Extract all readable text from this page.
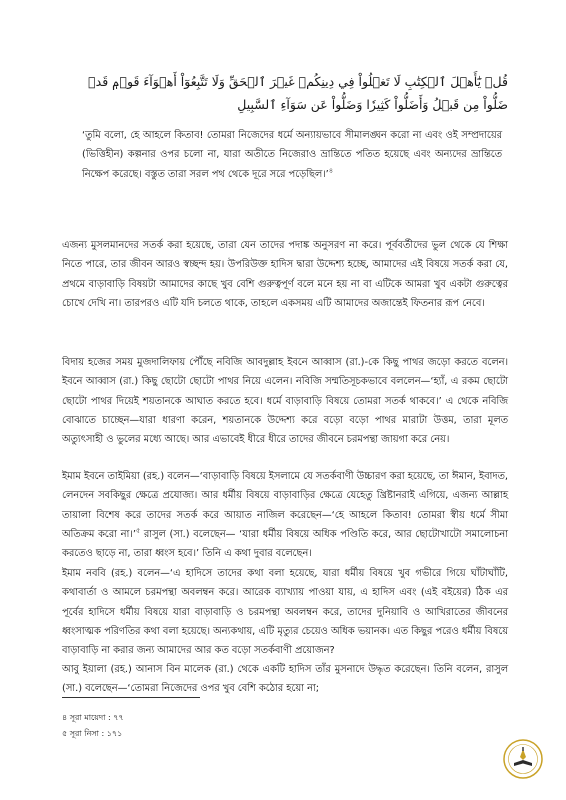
قُلۡ يَٰٓأَهۡلَ ٱلۡكِتَٰبِ لَا تَغۡلُواْ فِي دِينِكُمۡ غَيۡرَ ٱلۡحَقِّ وَلَا تَتَّبِعُوٓاْ أَهۡوَآءَ قَوۡمٖ قَدۡ ضَلُّواْ مِن قَبۡلُ وَأَضَلُّواْ كَثِيرٗا وَضَلُّواْ عَن سَوَآءِ ٱلسَّبِيلِ
‘তুমি বলো, হে আহলে কিতাব! তোমরা নিজেদের ধর্মে অন্যায়ভাবে সীমালঙ্ঘন করো না এবং ওই সম্প্রদায়ের (ভিত্তিহীন) কল্পনার ওপর চলো না, যারা অতীতে নিজেরাও ভ্রান্তিতে পতিত হয়েছে এবং অন্যদের ভ্রান্তিতে নিক্ষেপ করেছে। বস্তুত তারা সরল পথ থেকে দূরে সরে পড়েছিল।’$^৪$

এজন্য মুসলমানদের সতর্ক করা হয়েছে, তারা যেন তাদের পদাঙ্ক অনুসরণ না করে। পূর্ববর্তীদের ভুল থেকে যে শিক্ষা নিতে পারে, তার জীবন আরও স্বচ্ছন্দ হয়। উপরিউক্ত হাদিস দ্বারা উদ্দেশ্য হচ্ছে, আমাদের এই বিষয়ে সতর্ক করা যে, প্রথমে বাড়াবাড়ি বিষয়টা আমাদের কাছে খুব বেশি গুরুত্বপূর্ণ বলে মনে হয় না বা এটিকে আমরা খুব একটা গুরুত্বের চোখে দেখি না। তারপরও এটি যদি চলতে থাকে, তাহলে একসময় এটি আমাদের অজান্তেই ফিতনার রূপ নেবে।

বিদায় হজের সময় মুজদালিফায় পৌঁছে নবিজি আবদুল্লাহ ইবনে আব্বাস (রা.)-কে কিছু পাথর জড়ো করতে বলেন। ইবনে আব্বাস (রা.) কিছু ছোটো ছোটো পাথর নিয়ে এলেন। নবিজি সম্মতিসূচকভাবে বললেন—‘হ্যাঁ, এ রকম ছোটো ছোটো পাথর দিয়েই শয়তানকে আঘাত করতে হবে। ধর্মে বাড়াবাড়ি বিষয়ে তোমরা সতর্ক থাকবে।’ এ থেকে নবিজি বোঝাতে চাচ্ছেন—যারা ধারণা করেন, শয়তানকে উদ্দেশ্য করে বড়ো বড়ো পাথর মারাটা উত্তম, তারা মূলত অত্যুৎসাহী ও ভুলের মধ্যে আছে। আর এভাবেই ধীরে ধীরে তাদের জীবনে চরমপন্থা জায়গা করে নেয়।

ইমাম ইবনে তাইমিয়া (রহ.) বলেন—‘বাড়াবাড়ি বিষয়ে ইসলামে যে সতর্কবাণী উচ্চারণ করা হয়েছে, তা ঈমান, ইবাদত, লেনদেন সবকিছুর ক্ষেত্রে প্রযোজ্য। আর ধর্মীয় বিষয়ে বাড়াবাড়ির ক্ষেত্রে যেহেতু খ্রিষ্টানরাই এগিয়ে, এজন্য আল্লাহ তায়ালা বিশেষ করে তাদের সতর্ক করে আয়াত নাজিল করেছেন—‘হে আহলে কিতাব! তোমরা স্বীয় ধর্মে সীমা অতিক্রম করো না।’$^৫$ রাসুল (সা.) বলেছেন— ‘যারা ধর্মীয় বিষয়ে অধিক পণ্ডিতি করে, আর ছোটোখাটো সমালোচনা করতেও ছাড়ে না, তারা ধ্বংস হবে।’ তিনি এ কথা দুবার বলেছেন।

ইমাম নববি (রহ.) বলেন—‘এ হাদিসে তাদের কথা বলা হয়েছে, যারা ধর্মীয় বিষয়ে খুব গভীরে গিয়ে ঘাঁটাঘাঁটি, কথাবার্তা ও আমলে চরমপন্থা অবলম্বন করে। আরেক ব্যাখ্যায় পাওয়া যায়, এ হাদিস এবং (এই বইয়ের) ঠিক এর পূর্বের হাদিসে ধর্মীয় বিষয়ে যারা বাড়াবাড়ি ও চরমপন্থা অবলম্বন করে, তাদের দুনিয়াবি ও আখিরাতের জীবনের ধ্বংসাত্মক পরিণতির কথা বলা হয়েছে। অন্যকথায়, এটি মৃত্যুর চেয়েও অধিক ভয়ানক। এত কিছুর পরেও ধর্মীয় বিষয়ে বাড়াবাড়ি না করার জন্য আমাদের আর কত বড়ো সতর্কবাণী প্রয়োজন?

আবু ইয়ালা (রহ.) আনাস বিন মালেক (রা.) থেকে একটি হাদিস তাঁর মুসনাদে উদ্ধৃত করেছেন। তিনি বলেন, রাসুল (সা.) বলেছেন—‘তোমরা নিজেদের ওপর খুব বেশি কঠোর হয়ো না;

৪ সূরা মায়েদা : ৭৭
৫ সূরা নিসা : ১৭১
